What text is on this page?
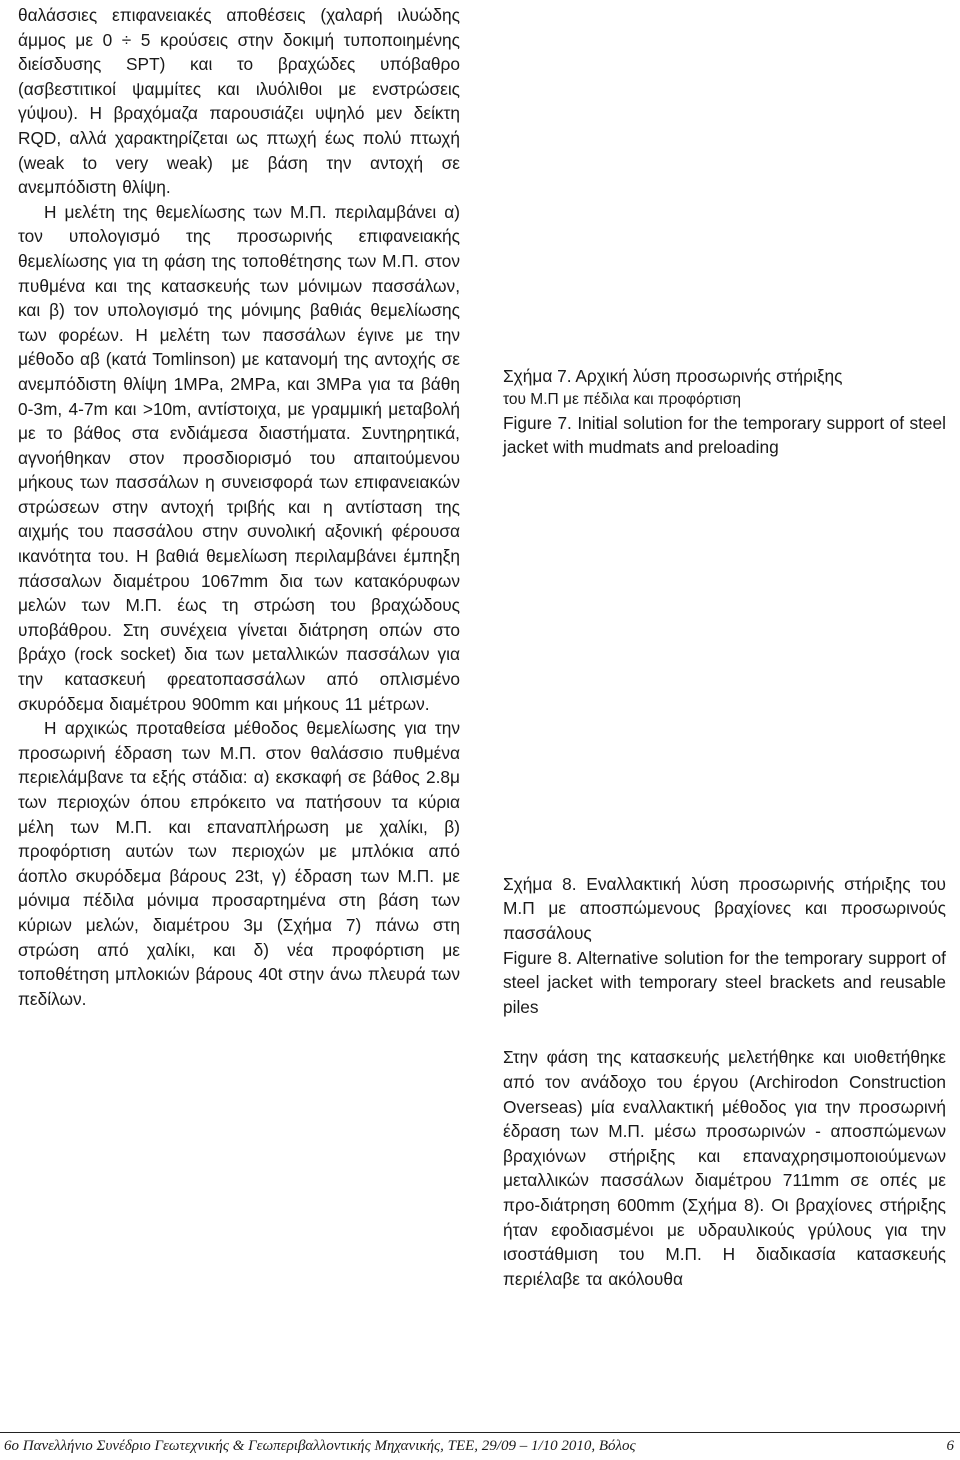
θαλάσσιες επιφανειακές αποθέσεις (χαλαρή ιλυώδης άμμος με 0 ÷ 5 κρούσεις στην δοκιμή τυποποιημένης διείσδυσης SPT) και το βραχώδες υπόβαθρο (ασβεστιτικοί ψαμμίτες και ιλυόλιθοι με ενστρώσεις γύψου). Η βραχόμαζα παρουσιάζει υψηλό μεν δείκτη RQD, αλλά χαρακτηρίζεται ως πτωχή έως πολύ πτωχή (weak to very weak) με βάση την αντοχή σε ανεμπόδιστη θλίψη.

Η μελέτη της θεμελίωσης των Μ.Π. περιλαμβάνει α) τον υπολογισμό της προσωρινής επιφανειακής θεμελίωσης για τη φάση της τοποθέτησης των Μ.Π. στον πυθμένα και της κατασκευής των μόνιμων πασσάλων, και β) τον υπολογισμό της μόνιμης βαθιάς θεμελίωσης των φορέων. Η μελέτη των πασσάλων έγινε με την μέθοδο αβ (κατά Tomlinson) με κατανομή της αντοχής σε ανεμπόδιστη θλίψη 1MPa, 2MPa, και 3MPa για τα βάθη 0-3m, 4-7m και >10m, αντίστοιχα, με γραμμική μεταβολή με το βάθος στα ενδιάμεσα διαστήματα. Συντηρητικά, αγνοήθηκαν στον προσδιορισμό του απαιτούμενου μήκους των πασσάλων η συνεισφορά των επιφανειακών στρώσεων στην αντοχή τριβής και η αντίσταση της αιχμής του πασσάλου στην συνολική αξονική φέρουσα ικανότητα του. Η βαθιά θεμελίωση περιλαμβάνει έμπηξη πάσσαλων διαμέτρου 1067mm δια των κατακόρυφων μελών των Μ.Π. έως τη στρώση του βραχώδους υποβάθρου. Στη συνέχεια γίνεται διάτρηση οπών στο βράχο (rock socket) δια των μεταλλικών πασσάλων για την κατασκευή φρεατοπασσάλων από οπλισμένο σκυρόδεμα διαμέτρου 900mm και μήκους 11 μέτρων.

Η αρχικώς προταθείσα μέθοδος θεμελίωσης για την προσωρινή έδραση των Μ.Π. στον θαλάσσιο πυθμένα περιελάμβανε τα εξής στάδια: α) εκσκαφή σε βάθος 2.8μ των περιοχών όπου επρόκειτο να πατήσουν τα κύρια μέλη των Μ.Π. και επαναπλήρωση με χαλίκι, β) προφόρτιση αυτών των περιοχών με μπλόκια από άοπλο σκυρόδεμα βάρους 23t, γ) έδραση των Μ.Π. με μόνιμα πέδιλα μόνιμα προσαρτημένα στη βάση των κύριων μελών, διαμέτρου 3μ (Σχήμα 7) πάνω στη στρώση από χαλίκι, και δ) νέα προφόρτιση με τοποθέτηση μπλοκιών βάρους 40t στην άνω πλευρά των πεδίλων.

Σχήμα 7. Αρχική λύση προσωρινής στήριξης

του Μ.Π με πέδιλα και προφόρτιση

Figure 7. Initial solution for the temporary support of steel jacket with mudmats and preloading

Σχήμα 8. Εναλλακτική λύση προσωρινής στήριξης του Μ.Π με αποσπώμενους βραχίονες και προσωρινούς πασσάλους

Figure 8. Alternative solution for the temporary support of steel jacket with temporary steel brackets and reusable piles

Στην φάση της κατασκευής μελετήθηκε και υιοθετήθηκε από τον ανάδοχο του έργου (Archirodon Construction Overseas) μία εναλλακτική μέθοδος για την προσωρινή έδραση των Μ.Π. μέσω προσωρινών - αποσπώμενων βραχιόνων στήριξης και επαναχρησιμοποιούμενων μεταλλικών πασσάλων διαμέτρου 711mm σε οπές με προ-διάτρηση 600mm (Σχήμα 8). Οι βραχίονες στήριξης ήταν εφοδιασμένοι με υδραυλικούς γρύλους για την ισοστάθμιση του Μ.Π. Η διαδικασία κατασκευής περιέλαβε τα ακόλουθα

6ο Πανελλήνιο Συνέδριο Γεωτεχνικής & Γεωπεριβαλλοντικής Μηχανικής, ΤΕΕ, 29/09 – 1/10 2010, Βόλος	6
